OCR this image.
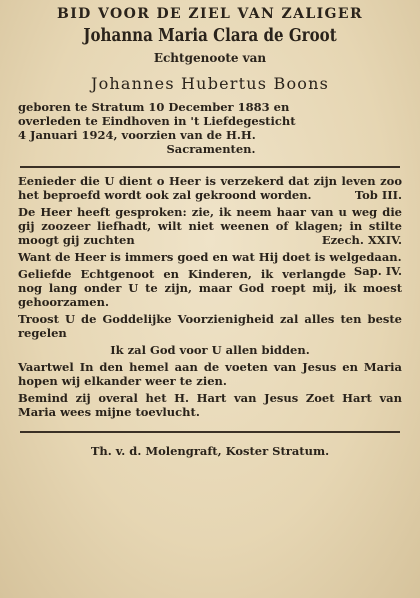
BID VOOR DE ZIEL VAN ZALIGER
Johanna Maria Clara de Groot
Echtgenoote van
Johannes Hubertus Boons
geboren te Stratum 10 December 1883 en
overleden te Eindhoven in 't Liefdegesticht
4 Januari 1924, voorzien van de H.H.
Sacramenten.
Eenieder die U dient o Heer is verzekerd dat zijn leven zoo het beproefd wordt ook zal gekroond worden.	Tob III.
De Heer heeft gesproken: zie, ik neem haar van u weg die gij zoozeer liefhadt, wilt niet weenen of klagen; in stilte moogt gij zuchten	Ezech. XXIV.
Want de Heer is immers goed en wat Hij doet is welgedaan.
Sap. IV.
Geliefde Echtgenoot en Kinderen, ik verlangde nog lang onder U te zijn, maar God roept mij, ik moest gehoorzamen.
Troost U de Goddelijke Voorzienigheid zal alles ten beste regelen
Ik zal God voor U allen bidden.
Vaartwel In den hemel aan de voeten van Jesus en Maria hopen wij elkander weer te zien.
Bemind zij overal het H. Hart van Jesus Zoet Hart van Maria wees mijne toevlucht.
Th. v. d. Molengraft, Koster Stratum.
